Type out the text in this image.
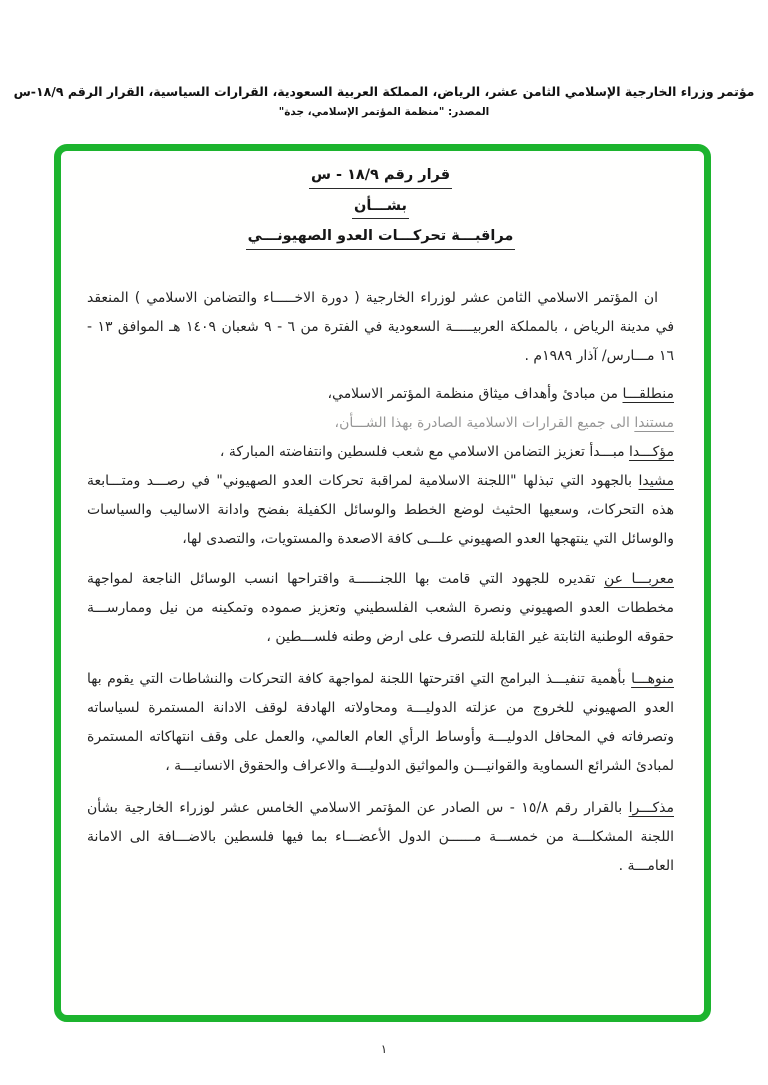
مؤتمر وزراء الخارجية الإسلامي الثامن عشر، الرياض، المملكة العربية السعودية، القرارات السياسية، القرار الرقم ١٨/٩-س
المصدر: "منظمة المؤتمر الإسلامي، جدة"
قرار رقم ١٨/٩ - س
بشـــأن
مراقبـــة تحركـــات العدو الصهيونـــي

ان المؤتمر الاسلامي الثامن عشر لوزراء الخارجية ( دورة الاخـــــاء والتضامن الاسلامي ) المنعقد في مدينة الرياض ، بالمملكة العربيـــــة السعودية في الفترة من ٦ - ٩ شعبان ١٤٠٩ هـ الموافق ١٣ - ١٦ مـــارس/ آذار ١٩٨٩م .

منطلقـــا من مبادئ وأهداف ميثاق منظمة المؤتمر الاسلامي،

مستندا الى جميع القرارات الاسلامية الصادرة بهذا الشـــأن،

مؤكـــدا مبـــدأ تعزيز التضامن الاسلامي مع شعب فلسطين وانتفاضته المباركة ،

مشيدا بالجهود التي تبذلها "اللجنة الاسلامية لمراقبة تحركات العدو الصهيوني" في رصـــد ومتـــابعة هذه التحركات، وسعيها الحثيث لوضع الخطط والوسائل الكفيلة بفضح وادانة الاساليب والسياسات والوسائل التي ينتهجها العدو الصهيوني علـــى كافة الاصعدة والمستويات، والتصدى لها،

معربـــا عن تقديره للجهود التي قامت بها اللجنــــــة واقتراحها انسب الوسائل الناجعة لمواجهة مخططات العدو الصهيوني ونصرة الشعب الفلسطيني وتعزيز صموده وتمكينه من نيل وممارســـة حقوقه الوطنية الثابتة غير القابلة للتصرف على ارض وطنه فلســـطين ،

منوهـــا بأهمية تنفيـــذ البرامج التي اقترحتها اللجنة لمواجهة كافة التحركات والنشاطات التي يقوم بها العدو الصهيوني للخروج من عزلته الدوليـــة ومحاولاته الهادفة لوقف الادانة المستمرة لسياساته وتصرفاته في المحافل الدوليـــة وأوساط الرأي العام العالمي، والعمل على وقف انتهاكاته المستمرة لمبادئ الشرائع السماوية والقوانيـــن والمواثيق الدوليـــة والاعراف والحقوق الانسانيـــة ،

مذكـــرا بالقرار رقم ١٥/٨ - س الصادر عن المؤتمر الاسلامي الخامس عشر لوزراء الخارجية بشأن اللجنة المشكلـــة من خمســـة مــــــن الدول الأعضـــاء بما فيها فلسطين بالاضـــافة الى الامانة العامـــة .

١
